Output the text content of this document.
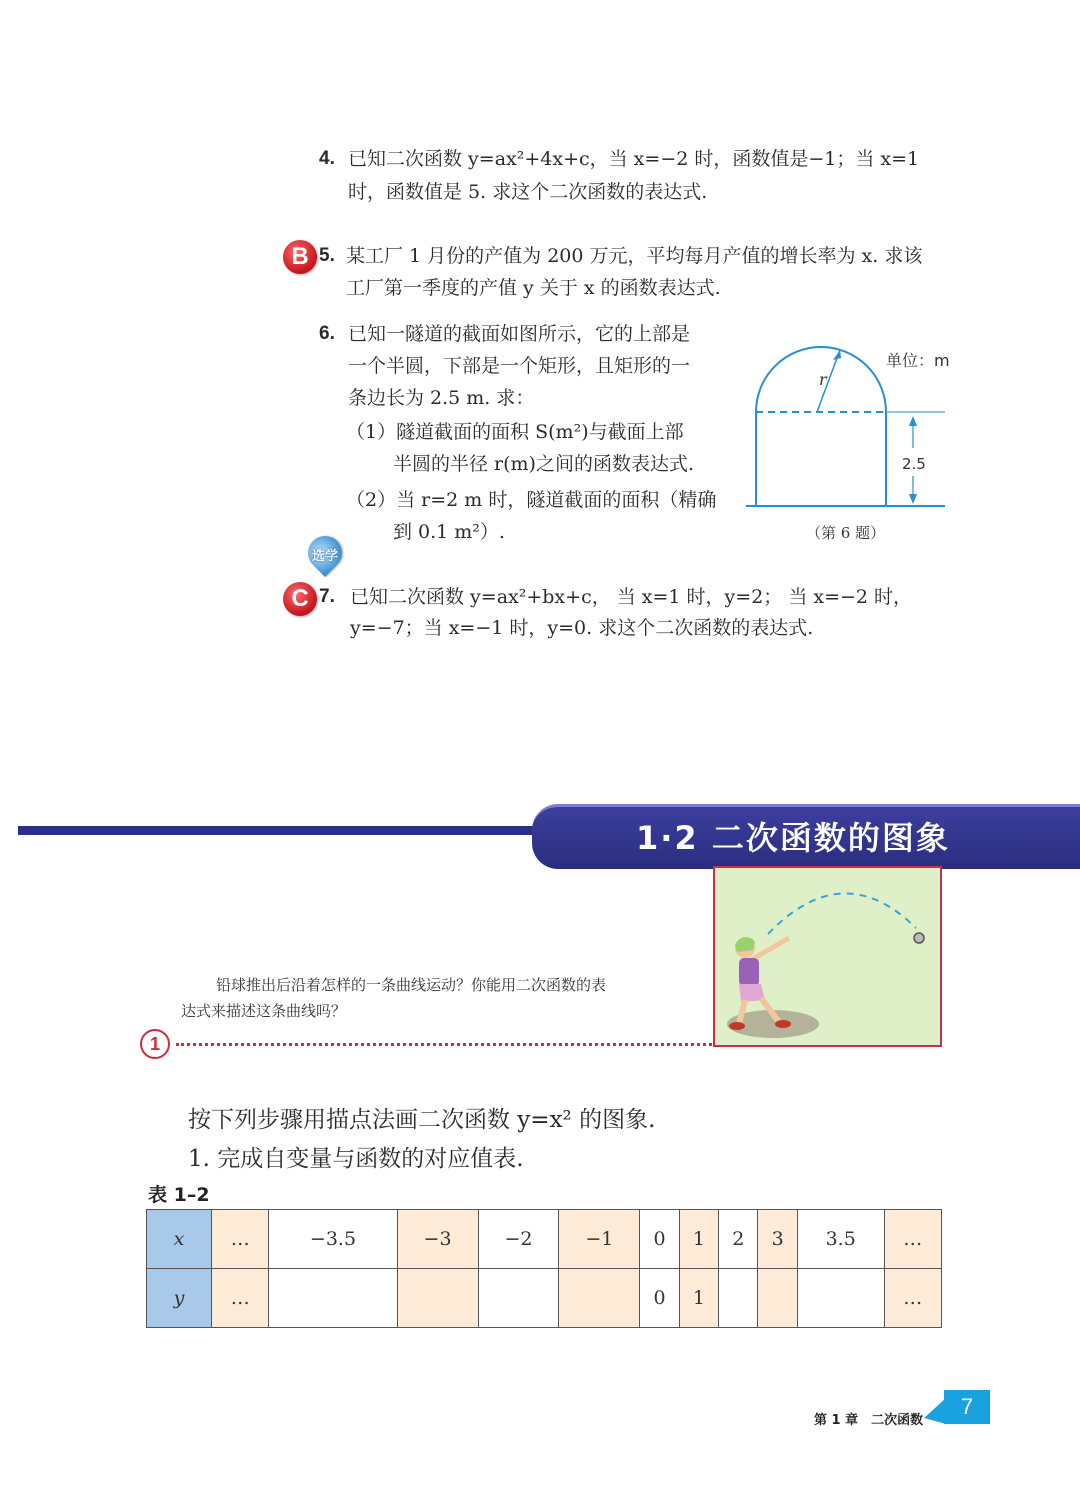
4. 已知二次函数 y=ax²+4x+c，当 x=−2 时，函数值是−1；当 x=1
时，函数值是 5. 求这个二次函数的表达式.
B 5. 某工厂 1 月份的产值为 200 万元，平均每月产值的增长率为 x. 求该
工厂第一季度的产值 y 关于 x 的函数表达式.
6. 已知一隧道的截面如图所示，它的上部是
一个半圆，下部是一个矩形，且矩形的一
条边长为 2.5 m. 求：
（1）隧道截面的面积 S(m²)与截面上部
半圆的半径 r(m)之间的函数表达式.
（2）当 r=2 m 时，隧道截面的面积（精确
到 0.1 m²）.
单位：m
r
2.5
（第 6 题）
选学
C 7. 已知二次函数 y=ax²+bx+c， 当 x=1 时，y=2； 当 x=−2 时，
y=−7；当 x=−1 时，y=0. 求这个二次函数的表达式.
1·2 二次函数的图象
铅球推出后沿着怎样的一条曲线运动？你能用二次函数的表
达式来描述这条曲线吗？
1
按下列步骤用描点法画二次函数 y=x² 的图象.
1. 完成自变量与函数的对应值表.
表 1–2
x	…	−3.5	−3	−2	−1	0	1	2	3	3.5	…
y	…					0	1				…
第 1 章　二次函数
7
